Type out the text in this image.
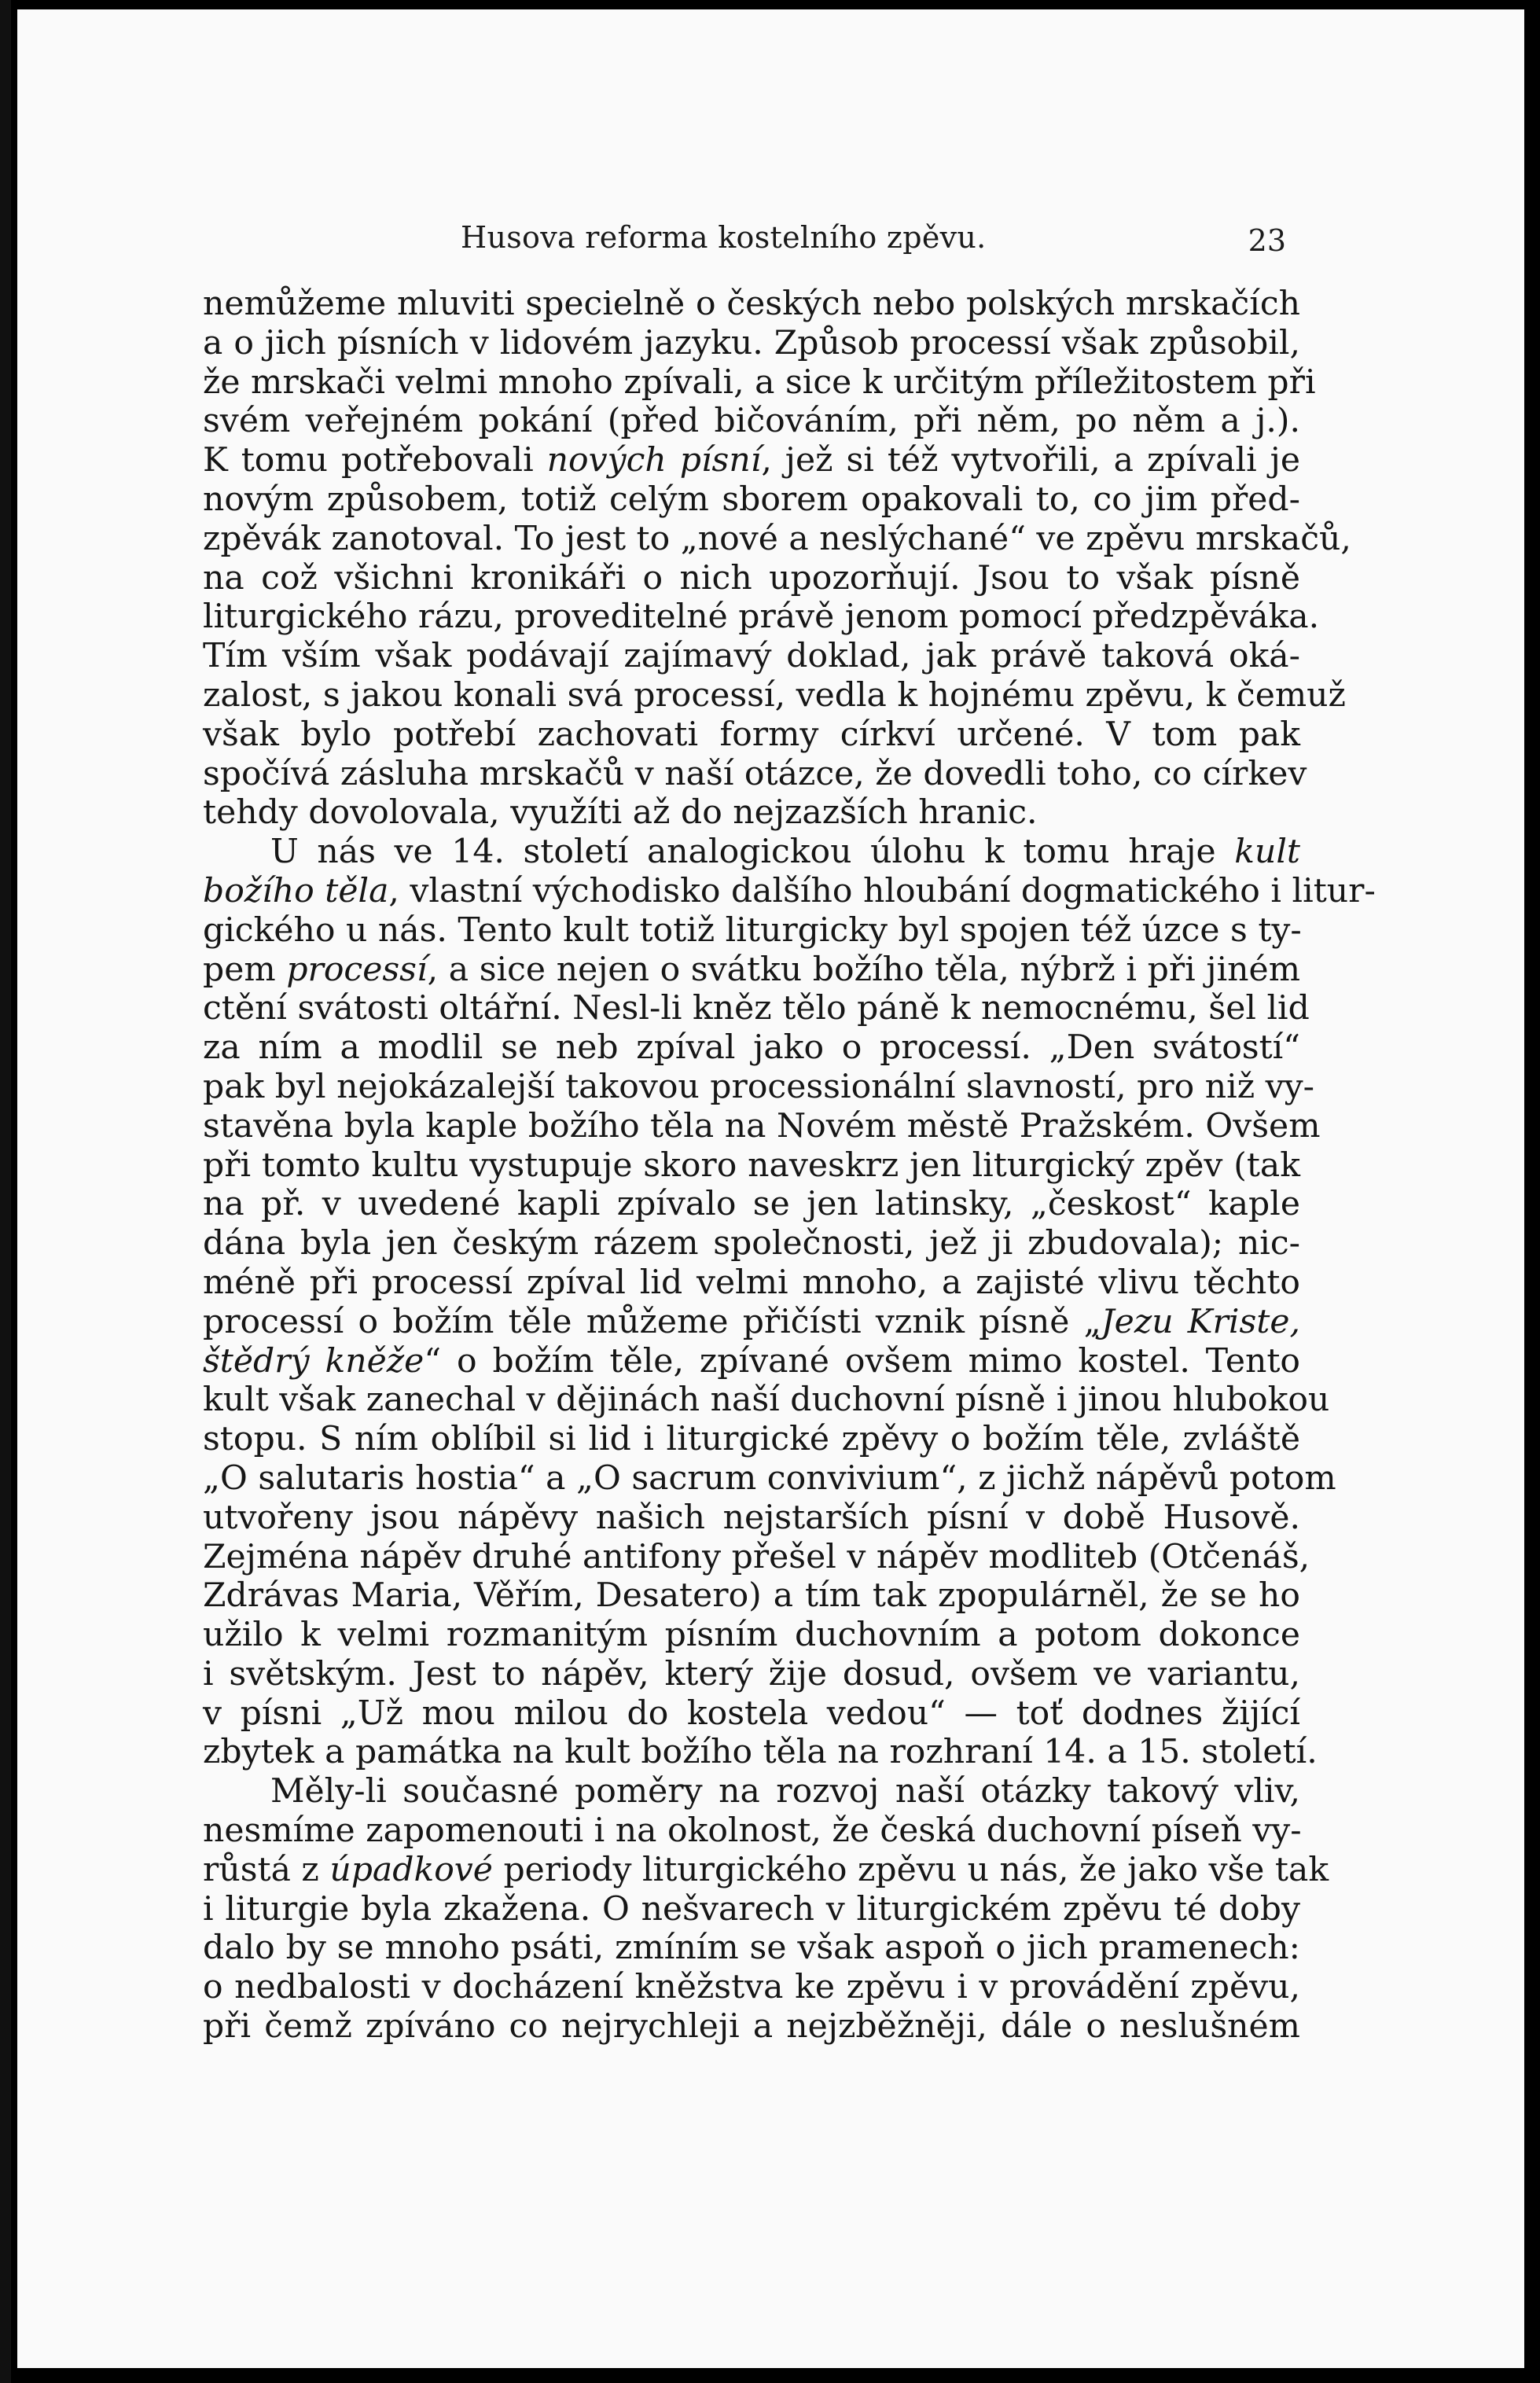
Husova reforma kostelního zpěvu.	23
nemůžeme mluviti specielně o českých nebo polských mrskačích
a o jich písních v lidovém jazyku. Způsob processí však způsobil,
že mrskači velmi mnoho zpívali, a sice k určitým příležitostem při
svém veřejném pokání (před bičováním, při něm, po něm a j.).
K tomu potřebovali nových písní, jež si též vytvořili, a zpívali je
novým způsobem, totiž celým sborem opakovali to, co jim před-
zpěvák zanotoval. To jest to „nové a neslýchané“ ve zpěvu mrskačů,
na což všichni kronikáři o nich upozorňují. Jsou to však písně
liturgického rázu, proveditelné právě jenom pomocí předzpěváka.
Tím vším však podávají zajímavý doklad, jak právě taková oká-
zalost, s jakou konali svá processí, vedla k hojnému zpěvu, k čemuž
však bylo potřebí zachovati formy církví určené. V tom pak
spočívá zásluha mrskačů v naší otázce, že dovedli toho, co církev
tehdy dovolovala, využíti až do nejzazších hranic.
U nás ve 14. století analogickou úlohu k tomu hraje kult
božího těla, vlastní východisko dalšího hloubání dogmatického i litur-
gického u nás. Tento kult totiž liturgicky byl spojen též úzce s ty-
pem processí, a sice nejen o svátku božího těla, nýbrž i při jiném
ctění svátosti oltářní. Nesl-li kněz tělo páně k nemocnému, šel lid
za ním a modlil se neb zpíval jako o processí. „Den svátostí“
pak byl nejokázalejší takovou processionální slavností, pro niž vy-
stavěna byla kaple božího těla na Novém městě Pražském. Ovšem
při tomto kultu vystupuje skoro naveskrz jen liturgický zpěv (tak
na př. v uvedené kapli zpívalo se jen latinsky, „českost“ kaple
dána byla jen českým rázem společnosti, jež ji zbudovala); nic-
méně při processí zpíval lid velmi mnoho, a zajisté vlivu těchto
processí o božím těle můžeme přičísti vznik písně „Jezu Kriste,
štědrý kněže“ o božím těle, zpívané ovšem mimo kostel. Tento
kult však zanechal v dějinách naší duchovní písně i jinou hlubokou
stopu. S ním oblíbil si lid i liturgické zpěvy o božím těle, zvláště
„O salutaris hostia“ a „O sacrum convivium“, z jichž nápěvů potom
utvořeny jsou nápěvy našich nejstarších písní v době Husově.
Zejména nápěv druhé antifony přešel v nápěv modliteb (Otčenáš,
Zdrávas Maria, Věřím, Desatero) a tím tak zpopulárněl, že se ho
užilo k velmi rozmanitým písním duchovním a potom dokonce
i světským. Jest to nápěv, který žije dosud, ovšem ve variantu,
v písni „Už mou milou do kostela vedou“ — toť dodnes žijící
zbytek a památka na kult božího těla na rozhraní 14. a 15. století.
Měly-li současné poměry na rozvoj naší otázky takový vliv,
nesmíme zapomenouti i na okolnost, že česká duchovní píseň vy-
růstá z úpadkové periody liturgického zpěvu u nás, že jako vše tak
i liturgie byla zkažena. O nešvarech v liturgickém zpěvu té doby
dalo by se mnoho psáti, zmíním se však aspoň o jich pramenech:
o nedbalosti v docházení kněžstva ke zpěvu i v provádění zpěvu,
při čemž zpíváno co nejrychleji a nejzběžněji, dále o neslušném
